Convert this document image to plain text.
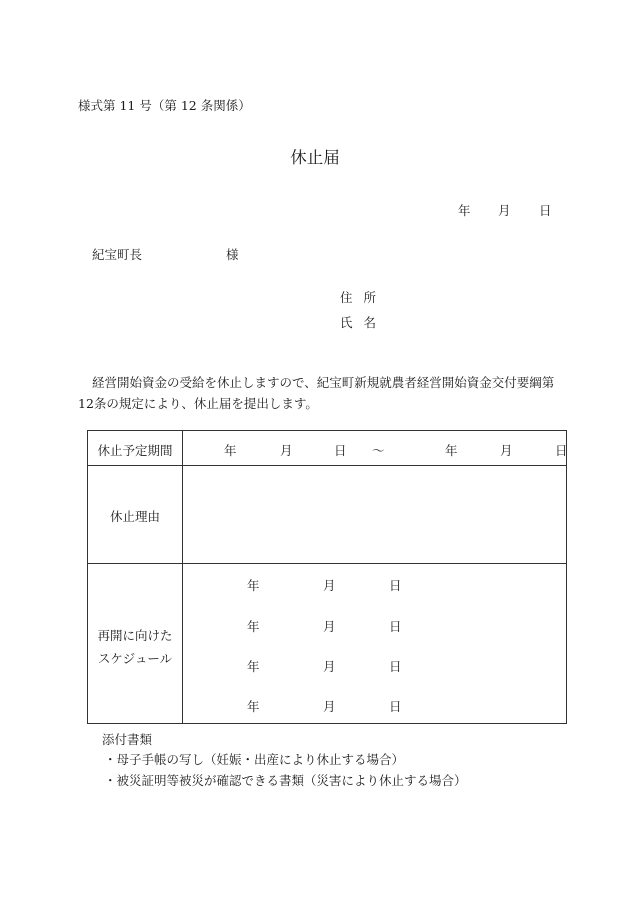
様式第 11 号（第 12 条関係）
休止届
年 月 日
紀宝町長	様
住所
氏名
経営開始資金の受給を休止しますので、紀宝町新規就農者経営開始資金交付要綱第
12条の規定により、休止届を提出します。
休止予定期間	年	月	日 ～	年	月	日
休止理由
再開に向けた
スケジュール
年	月	日
年	月	日
年	月	日
年	月	日
添付書類
・母子手帳の写し（妊娠・出産により休止する場合）
・被災証明等被災が確認できる書類（災害により休止する場合）
